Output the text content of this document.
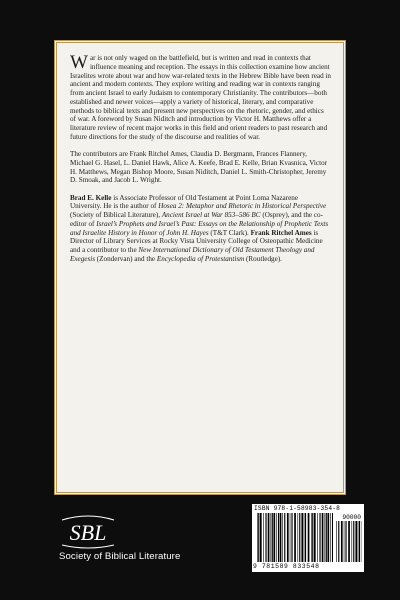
War is not only waged on the battlefield, but is written and read in contexts that influence meaning and reception. The essays in this collection examine how ancient Israelites wrote about war and how war-related texts in the Hebrew Bible have been read in ancient and modern contexts. They explore writing and reading war in contexts ranging from ancient Israel to early Judaism to contemporary Christianity. The contributors—both established and newer voices—apply a variety of historical, literary, and comparative methods to biblical texts and present new perspectives on the rhetoric, gender, and ethics of war. A foreword by Susan Niditch and introduction by Victor H. Matthews offer a literature review of recent major works in this field and orient readers to past research and future directions for the study of the discourse and realities of war.

The contributors are Frank Ritchel Ames, Claudia D. Bergmann, Frances Flannery, Michael G. Hasel, L. Daniel Hawk, Alice A. Keefe, Brad E. Kelle, Brian Kvasnica, Victor H. Matthews, Megan Bishop Moore, Susan Niditch, Daniel L. Smith-Christopher, Jeremy D. Smoak, and Jacob L. Wright.

Brad E. Kelle is Associate Professor of Old Testament at Point Loma Nazarene University. He is the author of Hosea 2: Metaphor and Rhetoric in Historical Perspective (Society of Biblical Literature), Ancient Israel at War 853–586 BC (Osprey), and the co-editor of Israel’s Prophets and Israel’s Past: Essays on the Relationship of Prophetic Texts and Israelite History in Honor of John H. Hayes (T&T Clark). Frank Ritchel Ames is Director of Library Services at Rocky Vista University College of Osteopathic Medicine and a contributor to the New International Dictionary of Old Testament Theology and Exegesis (Zondervan) and the Encyclopedia of Protestantism (Routledge).

SBL
Society of Biblical Literature
ISBN 978-1-58983-354-8
90000
9 781589 833548
